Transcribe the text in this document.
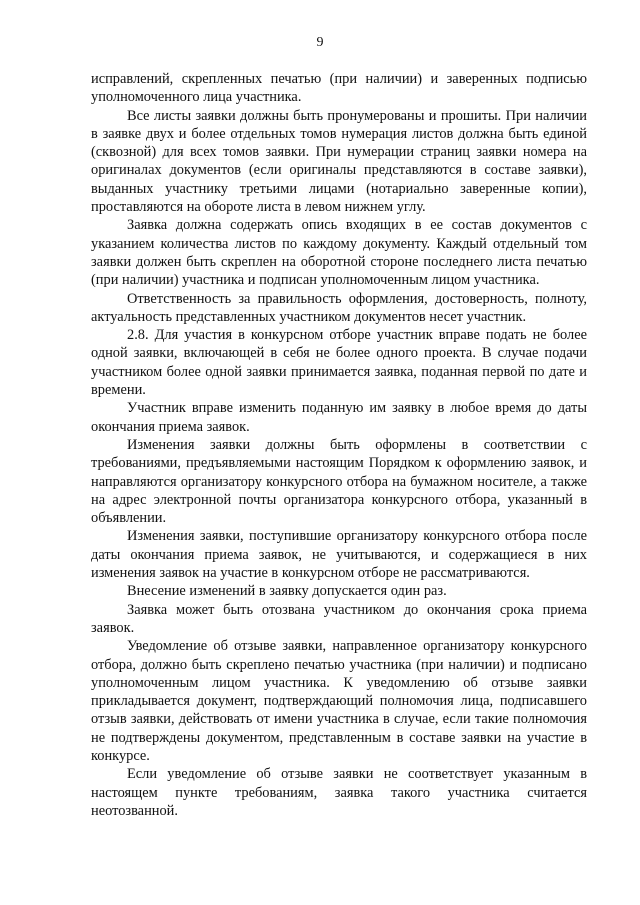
9

исправлений, скрепленных печатью (при наличии) и заверенных подписью уполномоченного лица участника.

Все листы заявки должны быть пронумерованы и прошиты. При наличии в заявке двух и более отдельных томов нумерация листов должна быть единой (сквозной) для всех томов заявки. При нумерации страниц заявки номера на оригиналах документов (если оригиналы представляются в составе заявки), выданных участнику третьими лицами (нотариально заверенные копии), проставляются на обороте листа в левом нижнем углу.

Заявка должна содержать опись входящих в ее состав документов с указанием количества листов по каждому документу. Каждый отдельный том заявки должен быть скреплен на оборотной стороне последнего листа печатью (при наличии) участника и подписан уполномоченным лицом участника.

Ответственность за правильность оформления, достоверность, полноту, актуальность представленных участником документов несет участник.

2.8. Для участия в конкурсном отборе участник вправе подать не более одной заявки, включающей в себя не более одного проекта. В случае подачи участником более одной заявки принимается заявка, поданная первой по дате и времени.

Участник вправе изменить поданную им заявку в любое время до даты окончания приема заявок.

Изменения заявки должны быть оформлены в соответствии с требованиями, предъявляемыми настоящим Порядком к оформлению заявок, и направляются организатору конкурсного отбора на бумажном носителе, а также на адрес электронной почты организатора конкурсного отбора, указанный в объявлении.

Изменения заявки, поступившие организатору конкурсного отбора после даты окончания приема заявок, не учитываются, и содержащиеся в них изменения заявок на участие в конкурсном отборе не рассматриваются.

Внесение изменений в заявку допускается один раз.

Заявка может быть отозвана участником до окончания срока приема заявок.

Уведомление об отзыве заявки, направленное организатору конкурсного отбора, должно быть скреплено печатью участника (при наличии) и подписано уполномоченным лицом участника. К уведомлению об отзыве заявки прикладывается документ, подтверждающий полномочия лица, подписавшего отзыв заявки, действовать от имени участника в случае, если такие полномочия не подтверждены документом, представленным в составе заявки на участие в конкурсе.

Если уведомление об отзыве заявки не соответствует указанным в настоящем пункте требованиям, заявка такого участника считается неотозванной.
